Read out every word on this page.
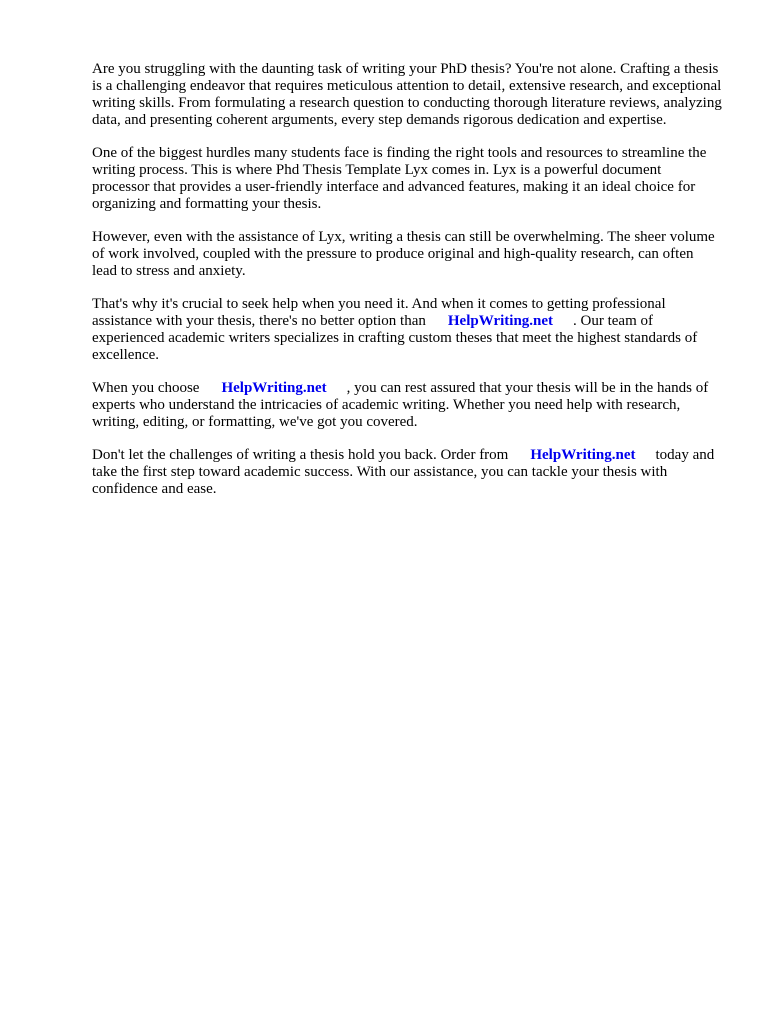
Are you struggling with the daunting task of writing your PhD thesis? You're not alone. Crafting a thesis is a challenging endeavor that requires meticulous attention to detail, extensive research, and exceptional writing skills. From formulating a research question to conducting thorough literature reviews, analyzing data, and presenting coherent arguments, every step demands rigorous dedication and expertise.

One of the biggest hurdles many students face is finding the right tools and resources to streamline the writing process. This is where Phd Thesis Template Lyx comes in. Lyx is a powerful document processor that provides a user-friendly interface and advanced features, making it an ideal choice for organizing and formatting your thesis.

However, even with the assistance of Lyx, writing a thesis can still be overwhelming. The sheer volume of work involved, coupled with the pressure to produce original and high-quality research, can often lead to stress and anxiety.

That's why it's crucial to seek help when you need it. And when it comes to getting professional assistance with your thesis, there's no better option than HelpWriting.net . Our team of experienced academic writers specializes in crafting custom theses that meet the highest standards of excellence.

When you choose HelpWriting.net , you can rest assured that your thesis will be in the hands of experts who understand the intricacies of academic writing. Whether you need help with research, writing, editing, or formatting, we've got you covered.

Don't let the challenges of writing a thesis hold you back. Order from HelpWriting.net today and take the first step toward academic success. With our assistance, you can tackle your thesis with confidence and ease.
